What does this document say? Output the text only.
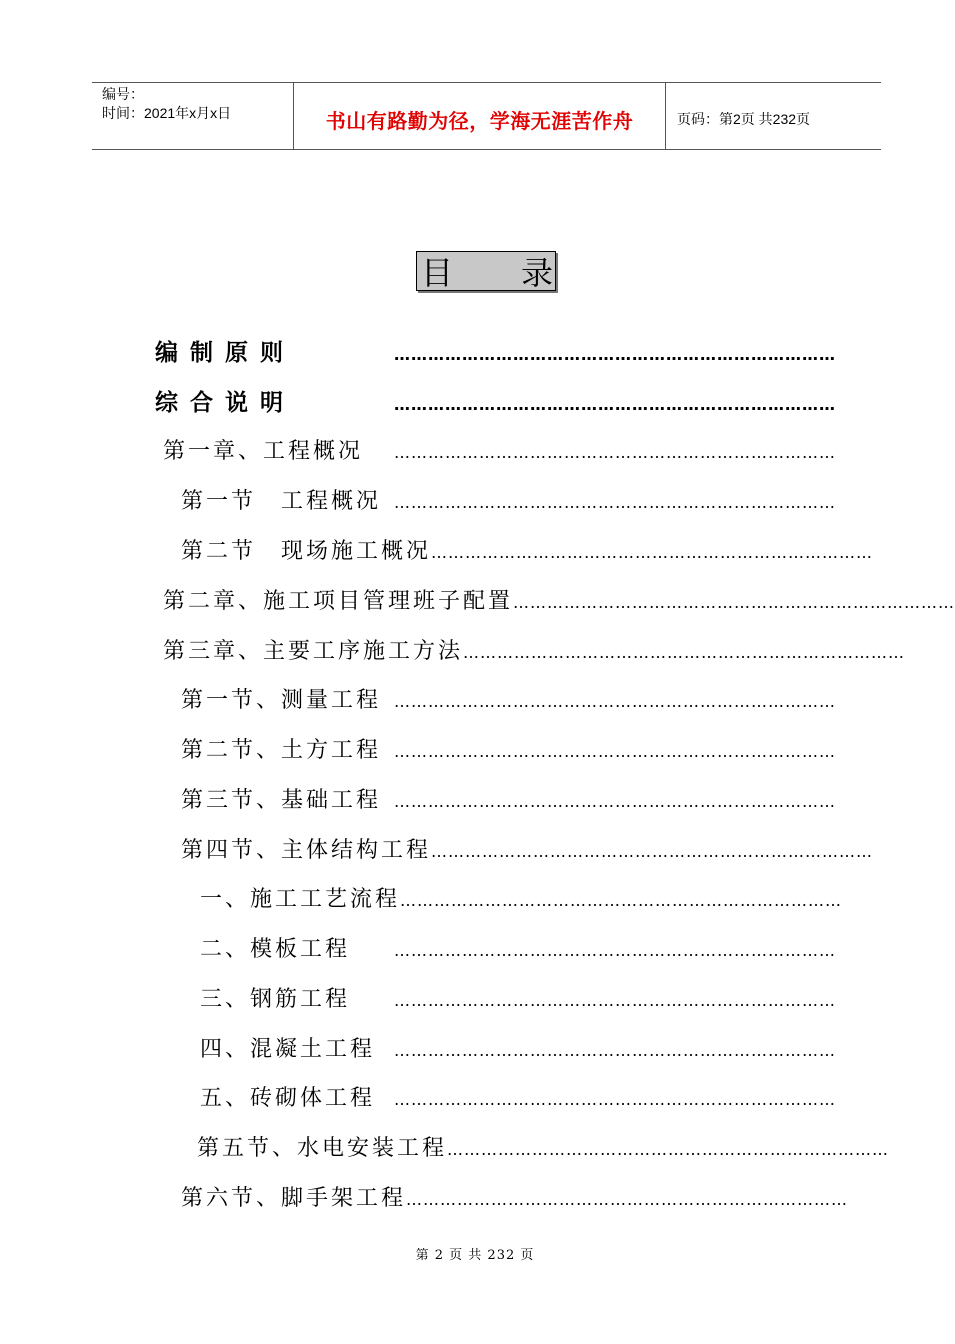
编号：
时间：2021年x月x日	书山有路勤为径，学海无涯苦作舟	页码：第2页 共232页
目 录
编制原则	……………………………………………………………………
综合说明	……………………………………………………………………
第一章、工程概况	……………………………………………………………………
第一节　工程概况 ……………………………………………………………………
第二节　现场施工概况 ……………………………………………………………………
第二章、施工项目管理班子配置 ……………………………………………………………………
第三章、主要工序施工方法 ……………………………………………………………………
第一节、测量工程 ……………………………………………………………………
第二节、土方工程 ……………………………………………………………………
第三节、基础工程 ……………………………………………………………………
第四节、主体结构工程 ……………………………………………………………………
一、施工工艺流程 ……………………………………………………………………
二、模板工程	……………………………………………………………………
三、钢筋工程	……………………………………………………………………
四、混凝土工程	……………………………………………………………………
五、砖砌体工程	……………………………………………………………………
第五节、水电安装工程 ……………………………………………………………………
第六节、脚手架工程 ……………………………………………………………………
第 2 页 共 232 页
